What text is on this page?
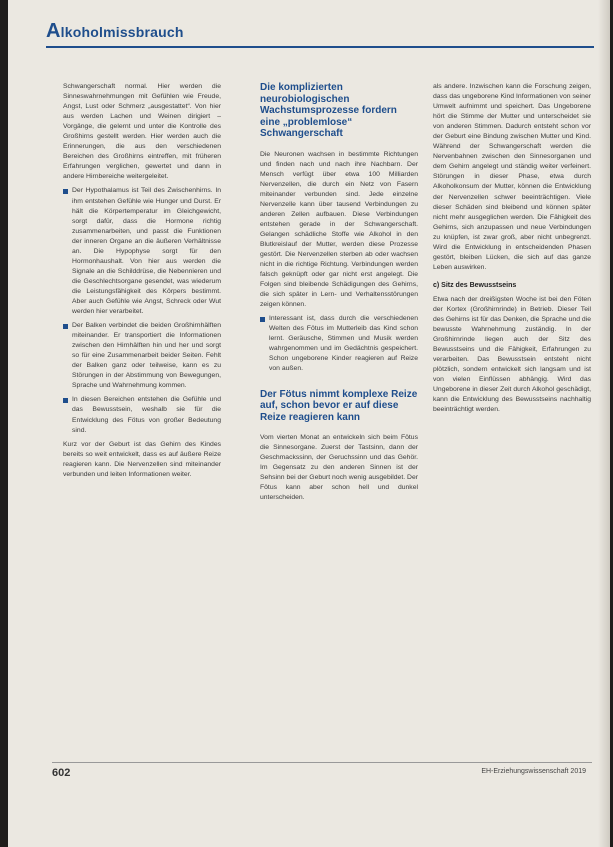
Alkoholmissbrauch

Schwangerschaft normal. Hier werden die Sinneswahrnehmungen mit Gefühlen wie Freude, Angst, Lust oder Schmerz „ausgestattet“. Von hier aus werden Lachen und Weinen dirigiert – Vorgänge, die gelernt und unter die Kontrolle des Großhirns gestellt werden. Hier werden auch die Erinnerungen, die aus den verschiedenen Bereichen des Großhirns eintreffen, mit früheren Erfahrungen verglichen, gewertet und dann in andere Hirnbereiche weitergeleitet.

Der Hypothalamus ist Teil des Zwischenhirns. In ihm entstehen Gefühle wie Hunger und Durst. Er hält die Körpertemperatur im Gleichgewicht, sorgt dafür, dass die Hormone richtig zusammenarbeiten, und passt die Funktionen der inneren Organe an die äußeren Verhältnisse an. Die Hypophyse sorgt für den Hormonhaushalt. Von hier aus werden die Signale an die Schilddrüse, die Nebennieren und die Geschlechtsorgane gesendet, was wiederum die Leistungsfähigkeit des Körpers bestimmt. Aber auch Gefühle wie Angst, Schreck oder Wut werden hier verarbeitet.
Der Balken verbindet die beiden Großhirnhälften miteinander. Er transportiert die Informationen zwischen den Hirnhälften hin und her und sorgt so für eine Zusammenarbeit beider Seiten. Fehlt der Balken ganz oder teilweise, kann es zu Störungen in der Abstimmung von Bewegungen, Sprache und Wahrnehmung kommen.
In diesen Bereichen entstehen die Gefühle und das Bewusstsein, weshalb sie für die Entwicklung des Fötus von großer Bedeutung sind.

Kurz vor der Geburt ist das Gehirn des Kindes bereits so weit entwickelt, dass es auf äußere Reize reagieren kann. Die Nervenzellen sind miteinander verbunden und leiten Informationen weiter.

Die komplizierten neurobiologischen Wachstumsprozesse fordern eine „problemlose“ Schwangerschaft

Die Neuronen wachsen in bestimmte Richtungen und finden nach und nach ihre Nachbarn. Der Mensch verfügt über etwa 100 Milliarden Nervenzellen, die durch ein Netz von Fasern miteinander verbunden sind. Jede einzelne Nervenzelle kann über tausend Verbindungen zu anderen Zellen aufbauen. Diese Verbindungen entstehen gerade in der Schwangerschaft. Gelangen schädliche Stoffe wie Alkohol in den Blutkreislauf der Mutter, werden diese Prozesse gestört. Die Nervenzellen sterben ab oder wachsen nicht in die richtige Richtung. Verbindungen werden falsch geknüpft oder gar nicht erst angelegt. Die Folgen sind bleibende Schädigungen des Gehirns, die sich später in Lern- und Verhaltensstörungen zeigen können.

Interessant ist, dass durch die verschiedenen Welten des Fötus im Mutterleib das Kind schon lernt. Geräusche, Stimmen und Musik werden wahrgenommen und im Gedächtnis gespeichert. Schon ungeborene Kinder reagieren auf Reize von außen.
Der Fötus nimmt komplexe Reize auf, schon bevor er auf diese Reize reagieren kann

Vom vierten Monat an entwickeln sich beim Fötus die Sinnesorgane. Zuerst der Tastsinn, dann der Geschmackssinn, der Geruchssinn und das Gehör. Im Gegensatz zu den anderen Sinnen ist der Sehsinn bei der Geburt noch wenig ausgebildet. Der Fötus kann aber schon hell und dunkel unterscheiden.

als andere. Inzwischen kann die Forschung zeigen, dass das ungeborene Kind Informationen von seiner Umwelt aufnimmt und speichert. Das Ungeborene hört die Stimme der Mutter und unterscheidet sie von anderen Stimmen. Dadurch entsteht schon vor der Geburt eine Bindung zwischen Mutter und Kind. Während der Schwangerschaft werden die Nervenbahnen zwischen den Sinnesorganen und dem Gehirn angelegt und ständig weiter verfeinert. Störungen in dieser Phase, etwa durch Alkoholkonsum der Mutter, können die Entwicklung der Nervenzellen schwer beeinträchtigen. Viele dieser Schäden sind bleibend und können später nicht mehr ausgeglichen werden. Die Fähigkeit des Gehirns, sich anzupassen und neue Verbindungen zu knüpfen, ist zwar groß, aber nicht unbegrenzt. Wird die Entwicklung in entscheidenden Phasen gestört, bleiben Lücken, die sich auf das ganze Leben auswirken.

c) Sitz des Bewusstseins

Etwa nach der dreißigsten Woche ist bei den Föten der Kortex (Großhirnrinde) in Betrieb. Dieser Teil des Gehirns ist für das Denken, die Sprache und die bewusste Wahrnehmung zuständig. In der Großhirnrinde liegen auch der Sitz des Bewusstseins und die Fähigkeit, Erfahrungen zu verarbeiten. Das Bewusstsein entsteht nicht plötzlich, sondern entwickelt sich langsam und ist von vielen Einflüssen abhängig. Wird das Ungeborene in dieser Zeit durch Alkohol geschädigt, kann die Entwicklung des Bewusstseins nachhaltig beeinträchtigt werden.

602	EH-Erziehungswissenschaft 2019
